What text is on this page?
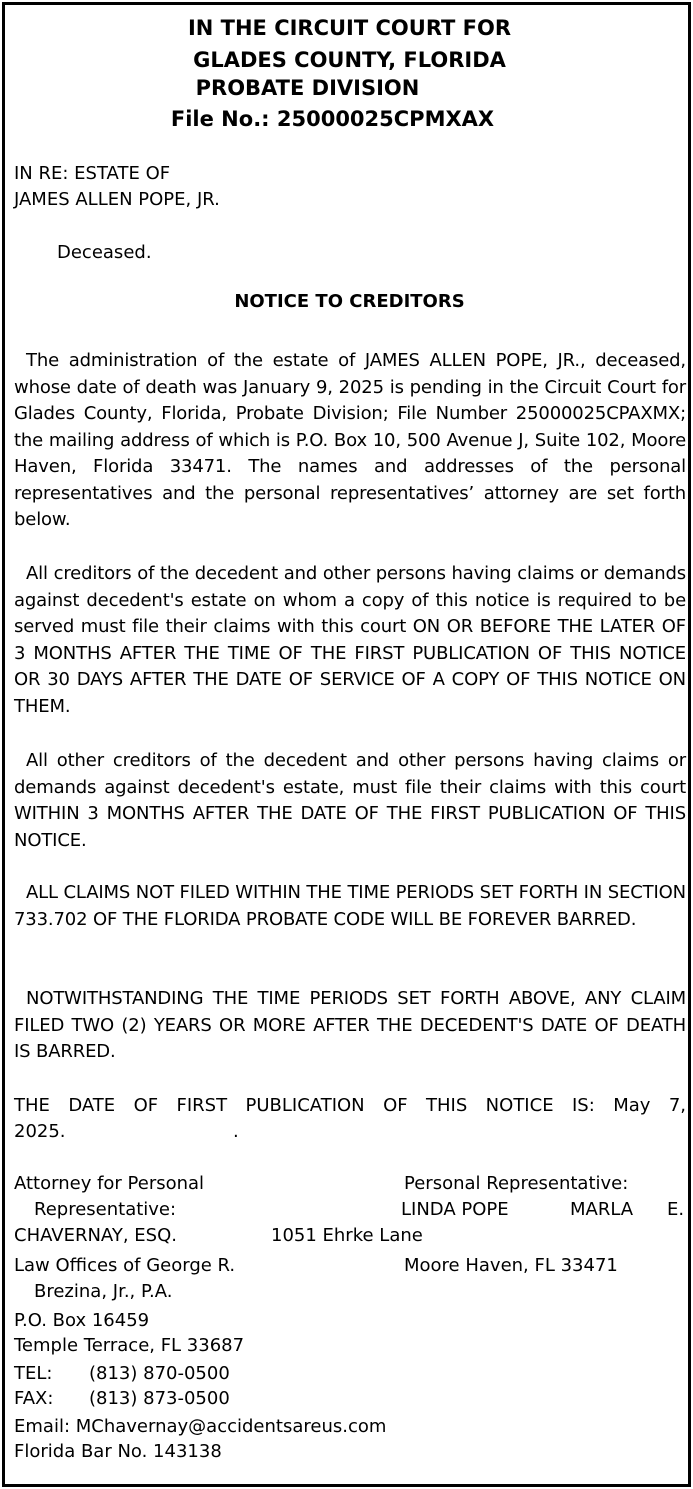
IN THE CIRCUIT COURT FOR
GLADES COUNTY, FLORIDA
PROBATE DIVISION
File No.: 25000025CPMXAX
IN RE: ESTATE OF
JAMES ALLEN POPE, JR.
Deceased.
NOTICE TO CREDITORS
The administration of the estate of JAMES ALLEN POPE, JR., deceased, whose date of death was January 9, 2025 is pending in the Circuit Court for Glades County, Florida, Probate Division; File Number 25000025CPAXMX; the mailing address of which is P.O. Box 10, 500 Avenue J, Suite 102, Moore Haven, Florida 33471. The names and addresses of the personal representatives and the personal representatives’ attorney are set forth below.
All creditors of the decedent and other persons having claims or demands against decedent's estate on whom a copy of this notice is required to be served must file their claims with this court ON OR BEFORE THE LATER OF 3 MONTHS AFTER THE TIME OF THE FIRST PUBLICATION OF THIS NOTICE OR 30 DAYS AFTER THE DATE OF SERVICE OF A COPY OF THIS NOTICE ON THEM.
All other creditors of the decedent and other persons having claims or demands against decedent's estate, must file their claims with this court WITHIN 3 MONTHS AFTER THE DATE OF THE FIRST PUBLICATION OF THIS NOTICE.
ALL CLAIMS NOT FILED WITHIN THE TIME PERIODS SET FORTH IN SECTION 733.702 OF THE FLORIDA PROBATE CODE WILL BE FOREVER BARRED.
NOTWITHSTANDING THE TIME PERIODS SET FORTH ABOVE, ANY CLAIM FILED TWO (2) YEARS OR MORE AFTER THE DECEDENT'S DATE OF DEATH IS BARRED.
THE DATE OF FIRST PUBLICATION OF THIS NOTICE IS: May 7,
2025.	.
Attorney for Personal
Representative:
CHAVERNAY, ESQ.
Law Offices of George R.
Brezina, Jr., P.A.
P.O. Box 16459
Temple Terrace, FL 33687
TEL: (813) 870-0500
FAX: (813) 873-0500
Email: MChavernay@accidentsareus.com
Florida Bar No. 143138
Personal Representative:
LINDA POPE	MARLA E.
1051 Ehrke Lane
Moore Haven, FL 33471
